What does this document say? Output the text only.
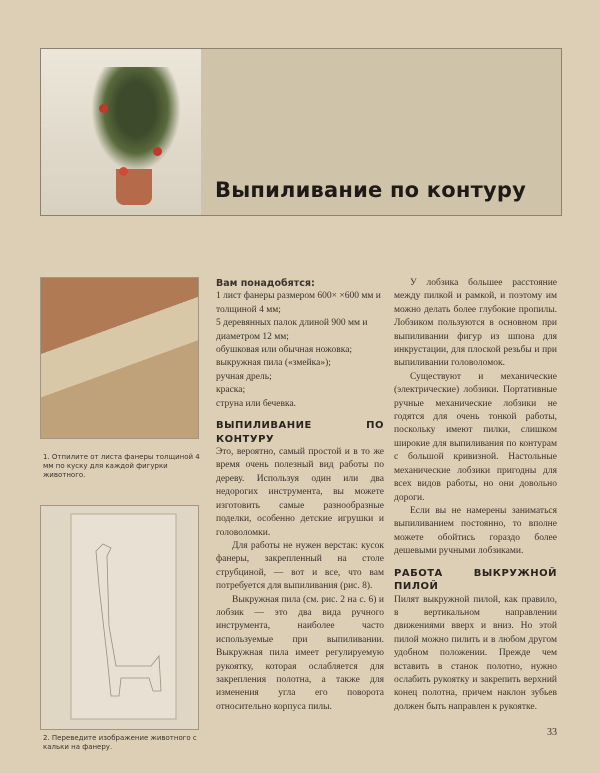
Выпиливание по контуру
1. Отпилите от листа фанеры толщиной 4 мм по куску для каждой фигурки животного.
2. Переведите изображение животного с кальки на фанеру.
Вам понадобятся:
1 лист фанеры размером 600× ×600 мм и толщиной 4 мм;
5 деревянных палок длиной 900 мм и диаметром 12 мм;
обушковая или обычная ножовка;
выкружная пила («змейка»);
ручная дрель;
краска;
струна или бечевка.
ВЫПИЛИВАНИЕ ПО КОНТУРУ

Это, вероятно, самый простой и в то же время очень полезный вид работы по дереву. Используя один или два недорогих инструмента, вы можете изготовить самые разнообразные поделки, особенно детские игрушки и головоломки.

Для работы не нужен верстак: кусок фанеры, закрепленный на столе струбциной, — вот и все, что вам потребуется для выпиливания (рис. 8).

Выкружная пила (см. рис. 2 на с. 6) и лобзик — это два вида ручного инструмента, наиболее часто используемые при выпиливании. Выкружная пила имеет регулируемую рукоятку, которая ослабляется для закрепления полотна, а также для изменения угла его поворота относительно корпуса пилы.

У лобзика большее расстояние между пилкой и рамкой, и поэтому им можно делать более глубокие пропилы. Лобзиком пользуются в основном при выпиливании фигур из шпона для инкрустации, для плоской резьбы и при выпиливании головоломок.

Существуют и механические (электрические) лобзики. Портативные ручные механические лобзики не годятся для очень тонкой работы, поскольку имеют пилки, слишком широкие для выпиливания по контурам с большой кривизной. Настольные механические лобзики пригодны для всех видов работы, но они довольно дороги.

Если вы не намерены заниматься выпиливанием постоянно, то вполне можете обойтись гораздо более дешевыми ручными лобзиками.

РАБОТА ВЫКРУЖНОЙ ПИЛОЙ

Пилят выкружной пилой, как правило, в вертикальном направлении движениями вверх и вниз. Но этой пилой можно пилить и в любом другом удобном положении. Прежде чем вставить в станок полотно, нужно ослабить рукоятку и закрепить верхний конец полотна, причем наклон зубьев должен быть направлен к рукоятке.

33
